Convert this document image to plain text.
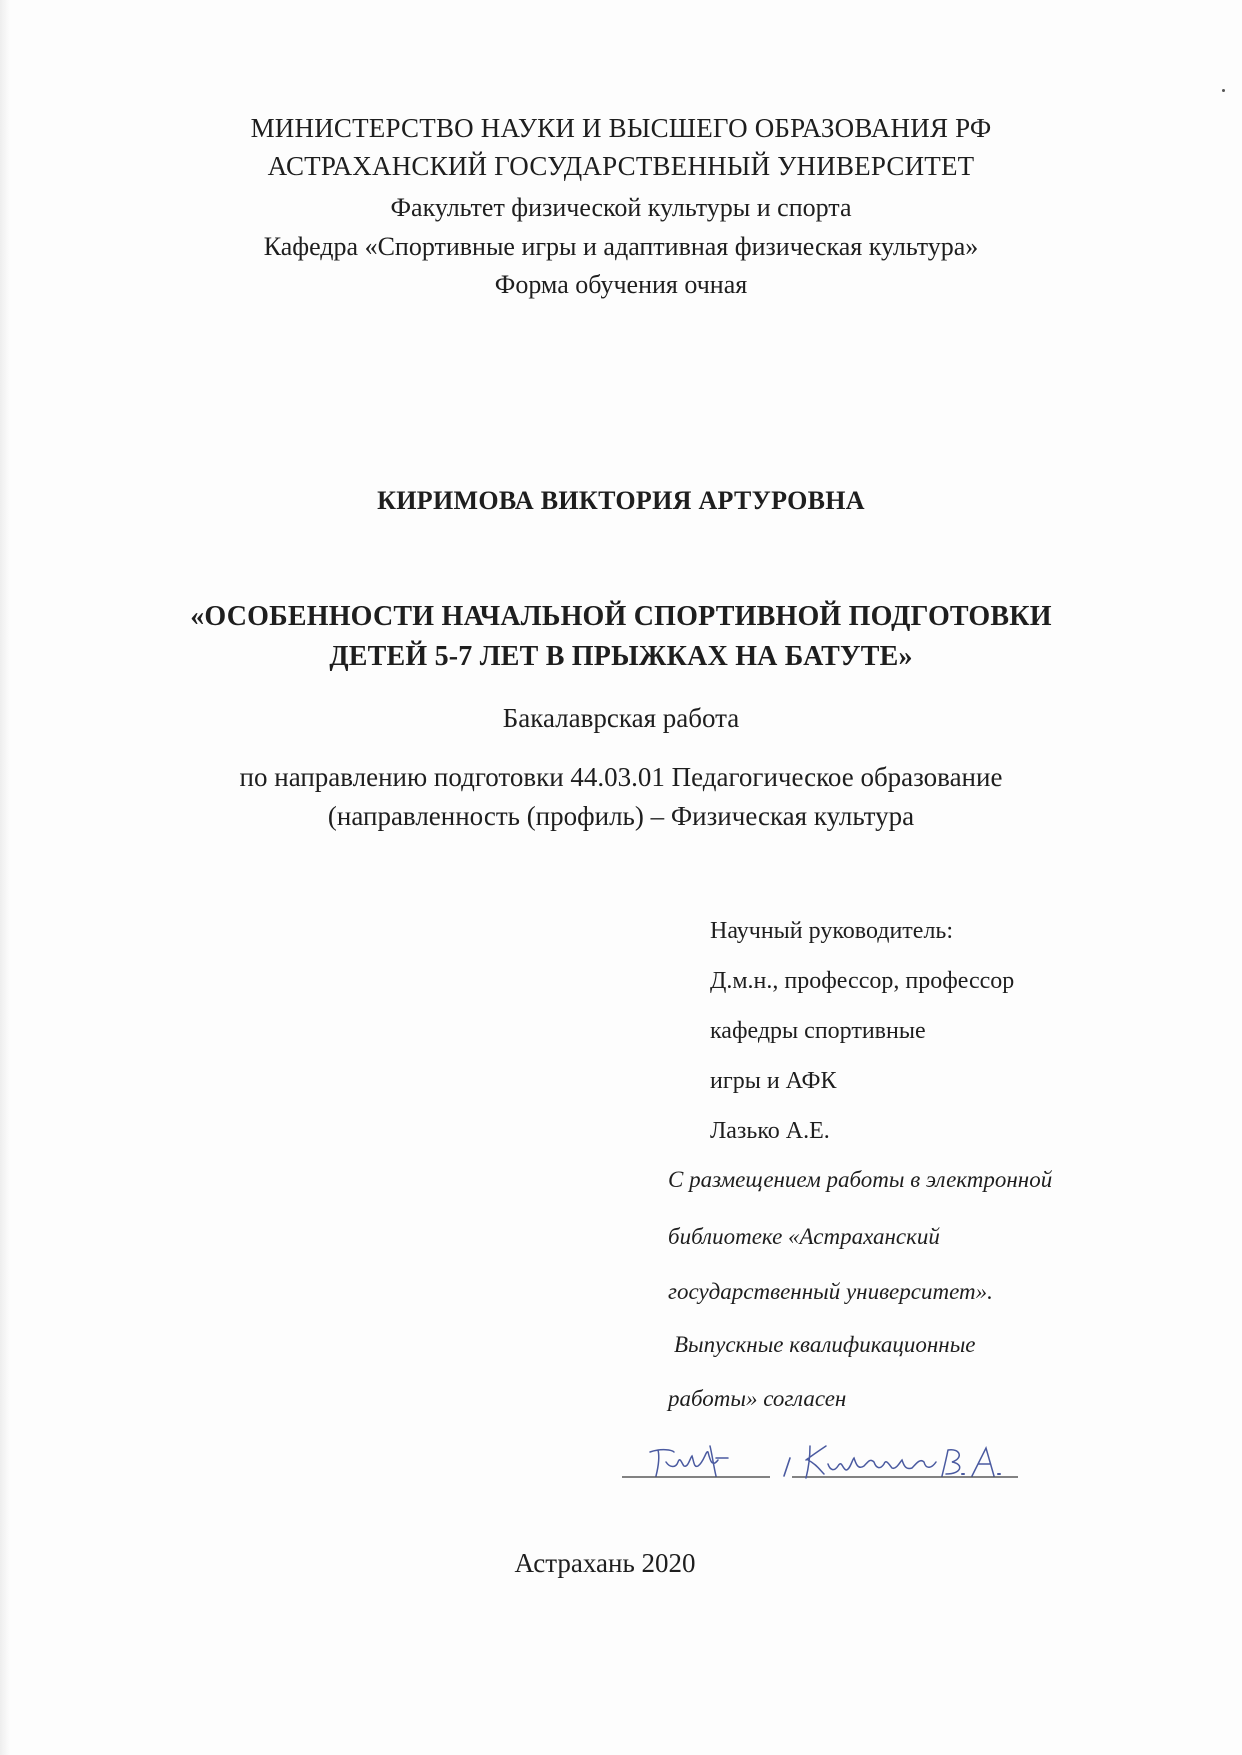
МИНИСТЕРСТВО НАУКИ И ВЫСШЕГО ОБРАЗОВАНИЯ РФ
АСТРАХАНСКИЙ ГОСУДАРСТВЕННЫЙ УНИВЕРСИТЕТ
Факультет физической культуры и спорта
Кафедра «Спортивные игры и адаптивная физическая культура»
Форма обучения очная
КИРИМОВА ВИКТОРИЯ АРТУРОВНА
«ОСОБЕННОСТИ НАЧАЛЬНОЙ СПОРТИВНОЙ ПОДГОТОВКИ
ДЕТЕЙ 5-7 ЛЕТ В ПРЫЖКАХ НА БАТУТЕ»
Бакалаврская работа
по направлению подготовки 44.03.01 Педагогическое образование
(направленность (профиль) – Физическая культура
Научный руководитель:
Д.м.н., профессор, профессор
кафедры спортивные
игры и АФК
Лазько А.Е.
С размещением работы в электронной
библиотеке «Астраханский
государственный университет».
Выпускные квалификационные
работы» согласен
Астрахань 2020
